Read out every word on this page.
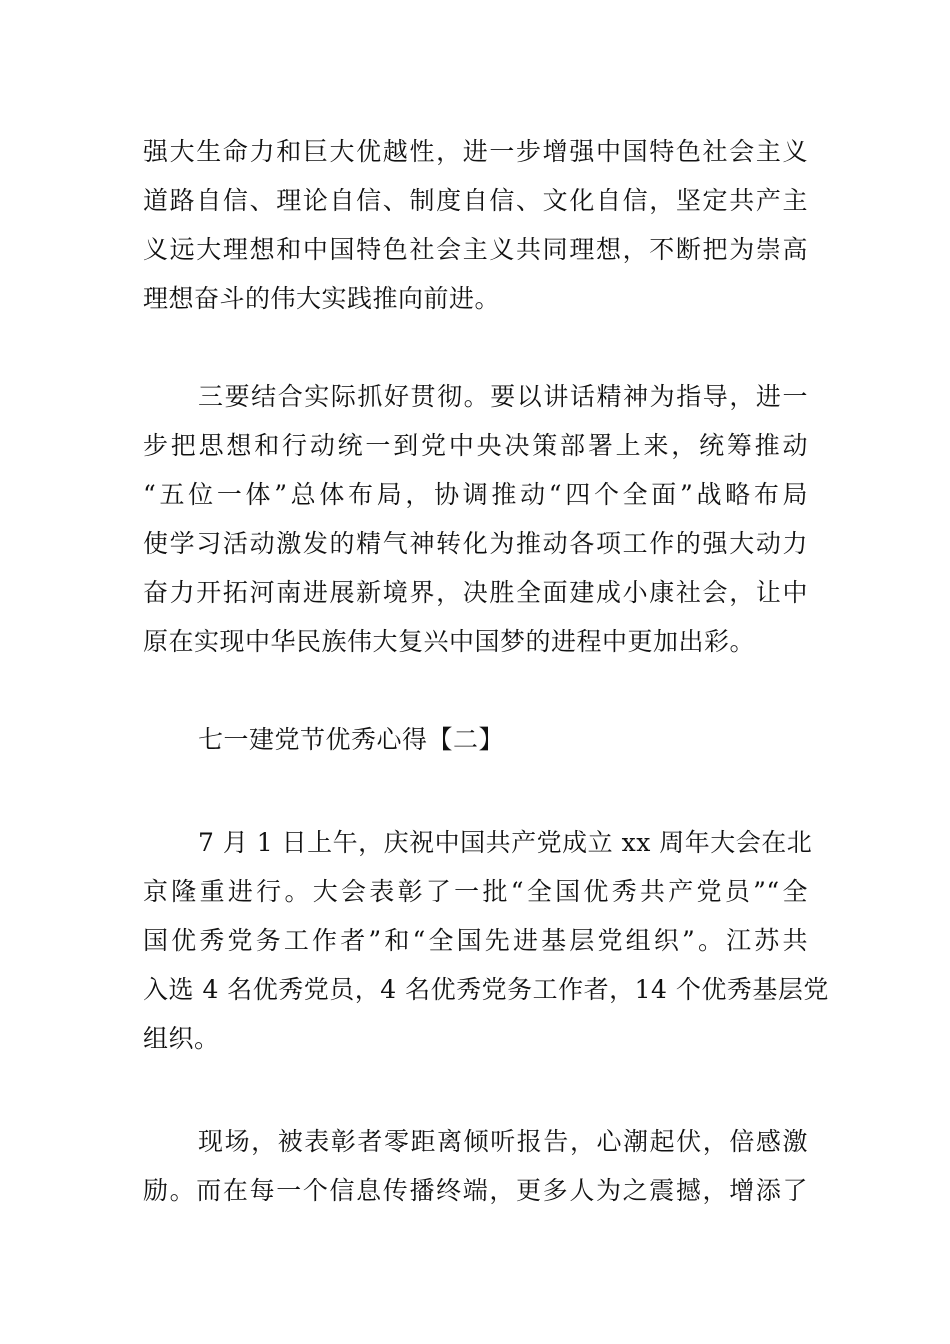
强大生命力和巨大优越性，进一步增强中国特色社会主义
道路自信、理论自信、制度自信、文化自信，坚定共产主
义远大理想和中国特色社会主义共同理想，不断把为崇高
理想奋斗的伟大实践推向前进。
三要结合实际抓好贯彻。要以讲话精神为指导，进一
步把思想和行动统一到党中央决策部署上来，统筹推动
“五位一体”总体布局，协调推动“四个全面”战略布局
使学习活动激发的精气神转化为推动各项工作的强大动力
奋力开拓河南进展新境界，决胜全面建成小康社会，让中
原在实现中华民族伟大复兴中国梦的进程中更加出彩。
七一建党节优秀心得【二】
7 月 1 日上午，庆祝中国共产党成立 xx 周年大会在北
京隆重进行。大会表彰了一批“全国优秀共产党员”“全
国优秀党务工作者”和“全国先进基层党组织”。江苏共
入选 4 名优秀党员，4 名优秀党务工作者，14 个优秀基层党
组织。
现场，被表彰者零距离倾听报告，心潮起伏，倍感激
励。而在每一个信息传播终端，更多人为之震撼，增添了
